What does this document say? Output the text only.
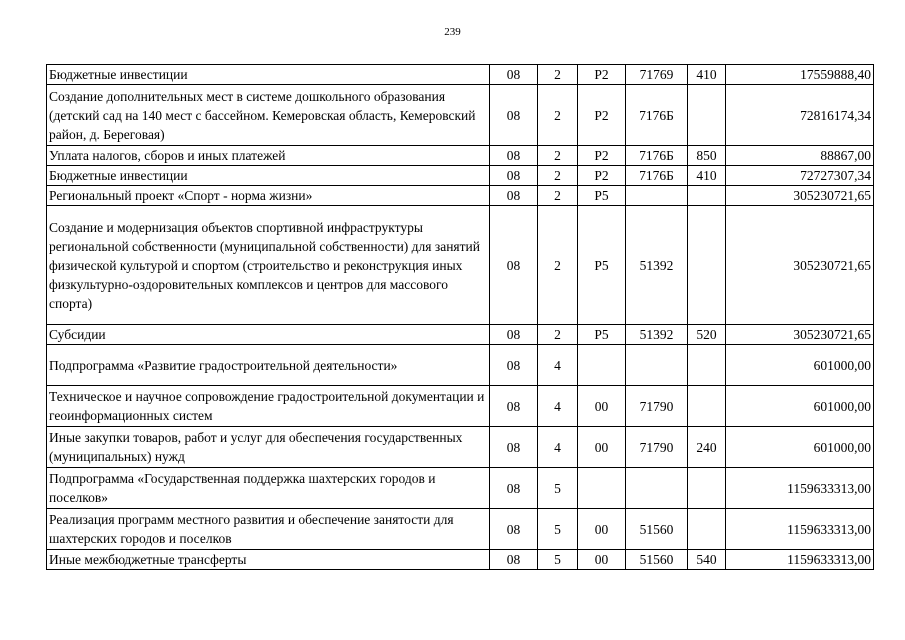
239
Бюджетные инвестиции	08	2	Р2	71769	410	17559888,40
Создание дополнительных мест в системе дошкольного образования (детский сад на 140 мест с бассейном. Кемеровская область, Кемеровский район, д. Береговая)	08	2	Р2	7176Б		72816174,34
Уплата налогов, сборов и иных платежей	08	2	Р2	7176Б	850	88867,00
Бюджетные инвестиции	08	2	Р2	7176Б	410	72727307,34
Региональный проект «Спорт - норма жизни»	08	2	Р5			305230721,65
Создание и модернизация объектов спортивной инфраструктуры региональной собственности (муниципальной собственности) для занятий физической культурой и спортом (строительство и реконструкция иных физкультурно-оздоровительных комплексов и центров для массового спорта)	08	2	Р5	51392		305230721,65
Субсидии	08	2	Р5	51392	520	305230721,65
Подпрограмма «Развитие градостроительной деятельности»	08	4				601000,00
Техническое и научное сопровождение градостроительной документации и геоинформационных систем	08	4	00	71790		601000,00
Иные закупки товаров, работ и услуг для обеспечения государственных (муниципальных) нужд	08	4	00	71790	240	601000,00
Подпрограмма «Государственная поддержка шахтерских городов и поселков»	08	5				1159633313,00
Реализация программ местного развития и обеспечение занятости для шахтерских городов и поселков	08	5	00	51560		1159633313,00
Иные межбюджетные трансферты	08	5	00	51560	540	1159633313,00
